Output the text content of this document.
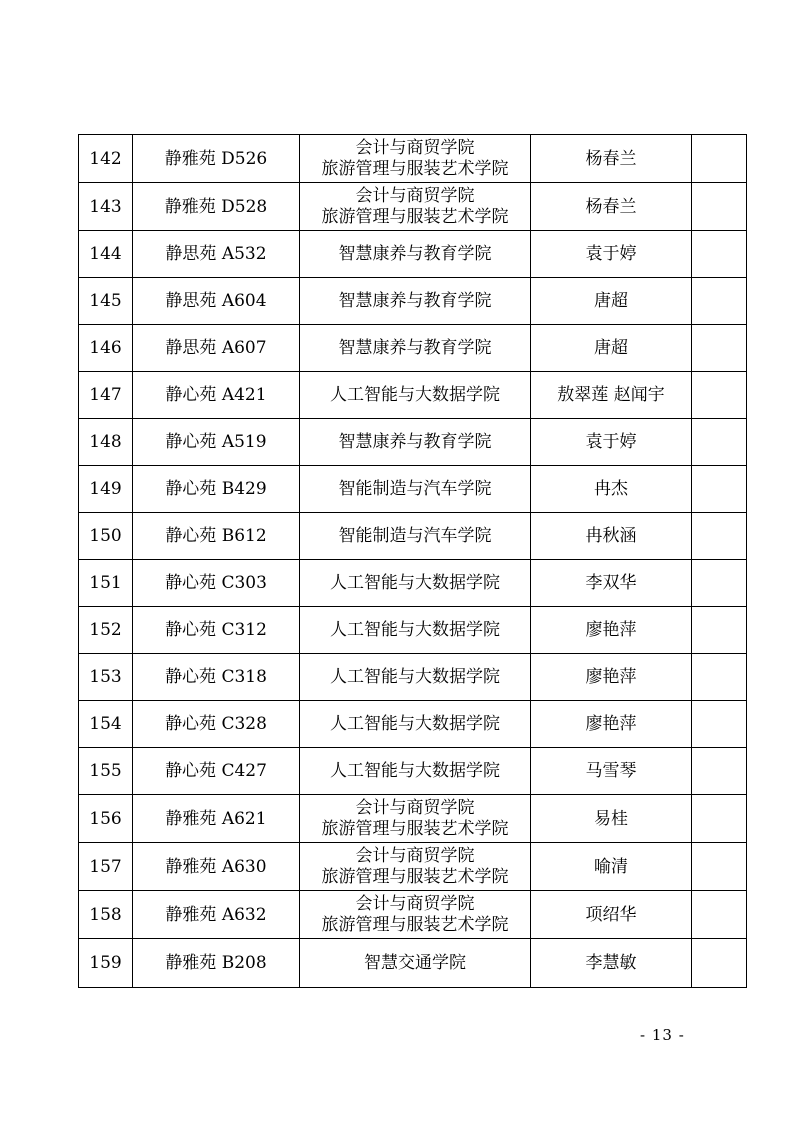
142	静雅苑 D526	会计与商贸学院
旅游管理与服装艺术学院	杨春兰	
143	静雅苑 D528	会计与商贸学院
旅游管理与服装艺术学院	杨春兰	
144	静思苑 A532	智慧康养与教育学院	袁于婷	
145	静思苑 A604	智慧康养与教育学院	唐超	
146	静思苑 A607	智慧康养与教育学院	唐超	
147	静心苑 A421	人工智能与大数据学院	敖翠莲 赵闻宇	
148	静心苑 A519	智慧康养与教育学院	袁于婷	
149	静心苑 B429	智能制造与汽车学院	冉杰	
150	静心苑 B612	智能制造与汽车学院	冉秋涵	
151	静心苑 C303	人工智能与大数据学院	李双华	
152	静心苑 C312	人工智能与大数据学院	廖艳萍	
153	静心苑 C318	人工智能与大数据学院	廖艳萍	
154	静心苑 C328	人工智能与大数据学院	廖艳萍	
155	静心苑 C427	人工智能与大数据学院	马雪琴	
156	静雅苑 A621	会计与商贸学院
旅游管理与服装艺术学院	易桂	
157	静雅苑 A630	会计与商贸学院
旅游管理与服装艺术学院	喻清	
158	静雅苑 A632	会计与商贸学院
旅游管理与服装艺术学院	项绍华	
159	静雅苑 B208	智慧交通学院	李慧敏	
- 13 -
